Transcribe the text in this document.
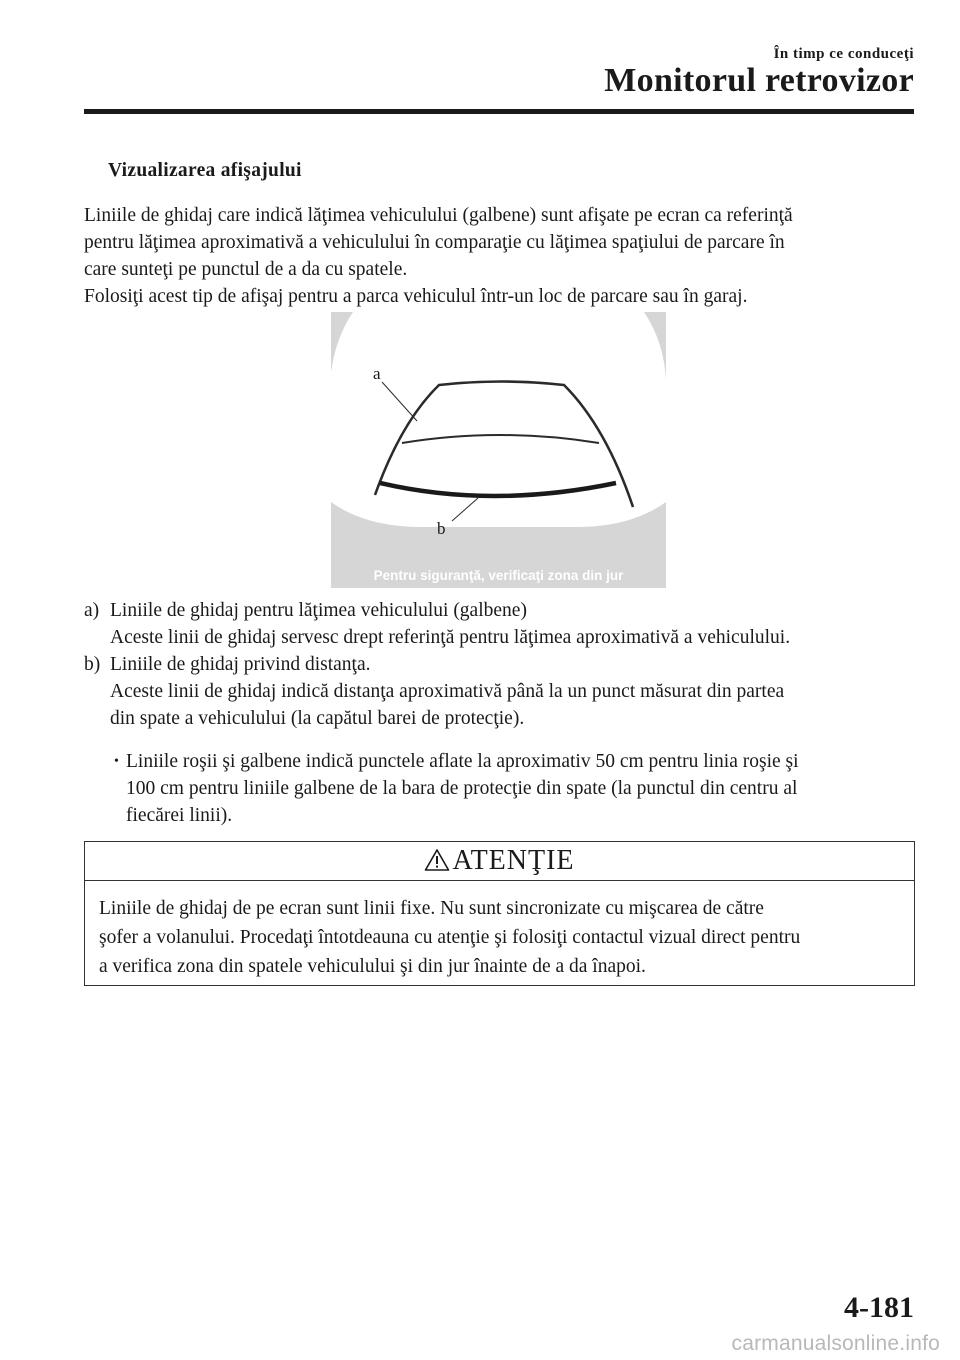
În timp ce conduceţi
Monitorul retrovizor
Vizualizarea afişajului

Liniile de ghidaj care indică lăţimea vehiculului (galbene) sunt afişate pe ecran ca referinţă

pentru lăţimea aproximativă a vehiculului în comparaţie cu lăţimea spaţiului de parcare în

care sunteţi pe punctul de a da cu spatele.

Folosiţi acest tip de afişaj pentru a parca vehiculul într-un loc de parcare sau în garaj.

a
b
Pentru siguranţă, verificaţi zona din jur
a) Liniile de ghidaj pentru lăţimea vehiculului (galbene)

Aceste linii de ghidaj servesc drept referinţă pentru lăţimea aproximativă a vehiculului.

b) Liniile de ghidaj privind distanţa.

Aceste linii de ghidaj indică distanţa aproximativă până la un punct măsurat din partea

din spate a vehiculului (la capătul barei de protecţie).

• Liniile roşii şi galbene indică punctele aflate la aproximativ 50 cm pentru linia roşie şi

100 cm pentru liniile galbene de la bara de protecţie din spate (la punctul din centru al

fiecărei linii).

ATENŢIE

Liniile de ghidaj de pe ecran sunt linii fixe. Nu sunt sincronizate cu mişcarea de către

şofer a volanului. Procedaţi întotdeauna cu atenţie şi folosiţi contactul vizual direct pentru

a verifica zona din spatele vehiculului şi din jur înainte de a da înapoi.

4-181
carmanualsonline.info
